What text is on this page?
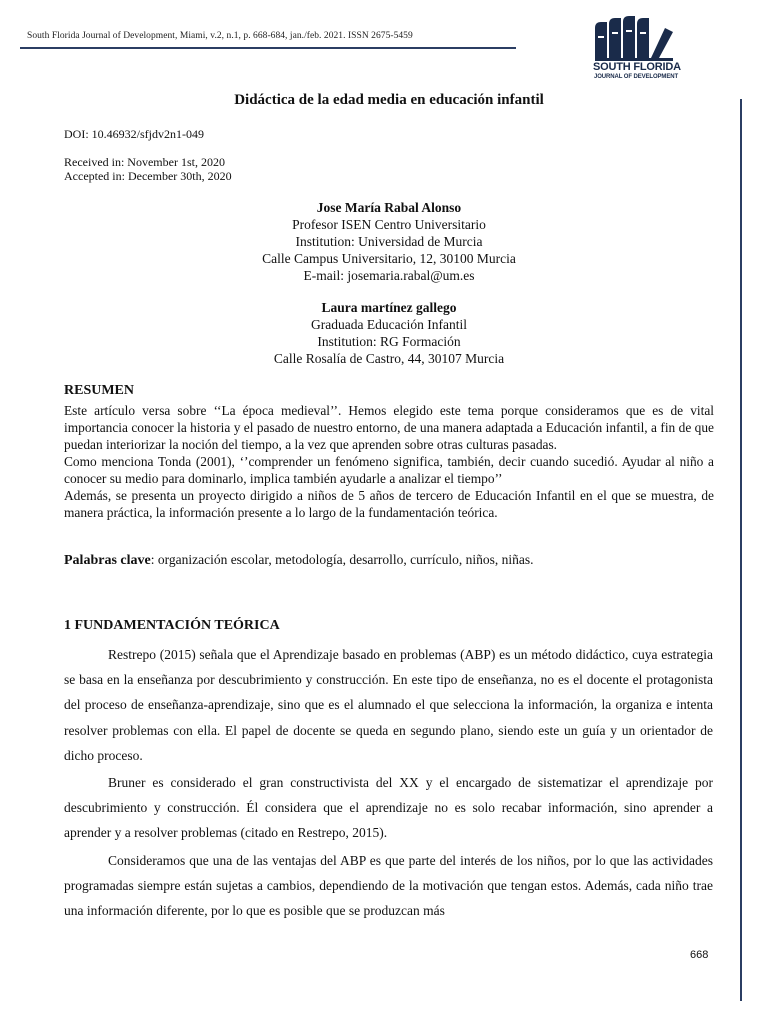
South Florida Journal of Development, Miami, v.2, n.1, p. 668-684, jan./feb. 2021. ISSN 2675-5459
SOUTH FLORIDA
JOURNAL OF DEVELOPMENT
Didáctica de la edad media en educación infantil
DOI: 10.46932/sfjdv2n1-049
Received in: November 1st, 2020
Accepted in: December 30th, 2020
Jose María Rabal Alonso
Profesor ISEN Centro Universitario
Institution: Universidad de Murcia
Calle Campus Universitario, 12, 30100 Murcia
E-mail: josemaria.rabal@um.es
Laura martínez gallego
Graduada Educación Infantil
Institution: RG Formación
Calle Rosalía de Castro, 44, 30107 Murcia
RESUMEN

Este artículo versa sobre ‘‘La época medieval’’. Hemos elegido este tema porque consideramos que es de vital importancia conocer la historia y el pasado de nuestro entorno, de una manera adaptada a Educación infantil, a fin de que puedan interiorizar la noción del tiempo, a la vez que aprenden sobre otras culturas pasadas.

Como menciona Tonda (2001), ‘’comprender un fenómeno significa, también, decir cuando sucedió. Ayudar al niño a conocer su medio para dominarlo, implica también ayudarle a analizar el tiempo’’

Además, se presenta un proyecto dirigido a niños de 5 años de tercero de Educación Infantil en el que se muestra, de manera práctica, la información presente a lo largo de la fundamentación teórica.

Palabras clave: organización escolar, metodología, desarrollo, currículo, niños, niñas.
1 FUNDAMENTACIÓN TEÓRICA

Restrepo (2015) señala que el Aprendizaje basado en problemas (ABP) es un método didáctico, cuya estrategia se basa en la enseñanza por descubrimiento y construcción. En este tipo de enseñanza, no es el docente el protagonista del proceso de enseñanza-aprendizaje, sino que es el alumnado el que selecciona la información, la organiza e intenta resolver problemas con ella. El papel de docente se queda en segundo plano, siendo este un guía y un orientador de dicho proceso.

Bruner es considerado el gran constructivista del XX y el encargado de sistematizar el aprendizaje por descubrimiento y construcción. Él considera que el aprendizaje no es solo recabar información, sino aprender a aprender y a resolver problemas (citado en Restrepo, 2015).

Consideramos que una de las ventajas del ABP es que parte del interés de los niños, por lo que las actividades programadas siempre están sujetas a cambios, dependiendo de la motivación que tengan estos. Además, cada niño trae una información diferente, por lo que es posible que se produzcan más

668
